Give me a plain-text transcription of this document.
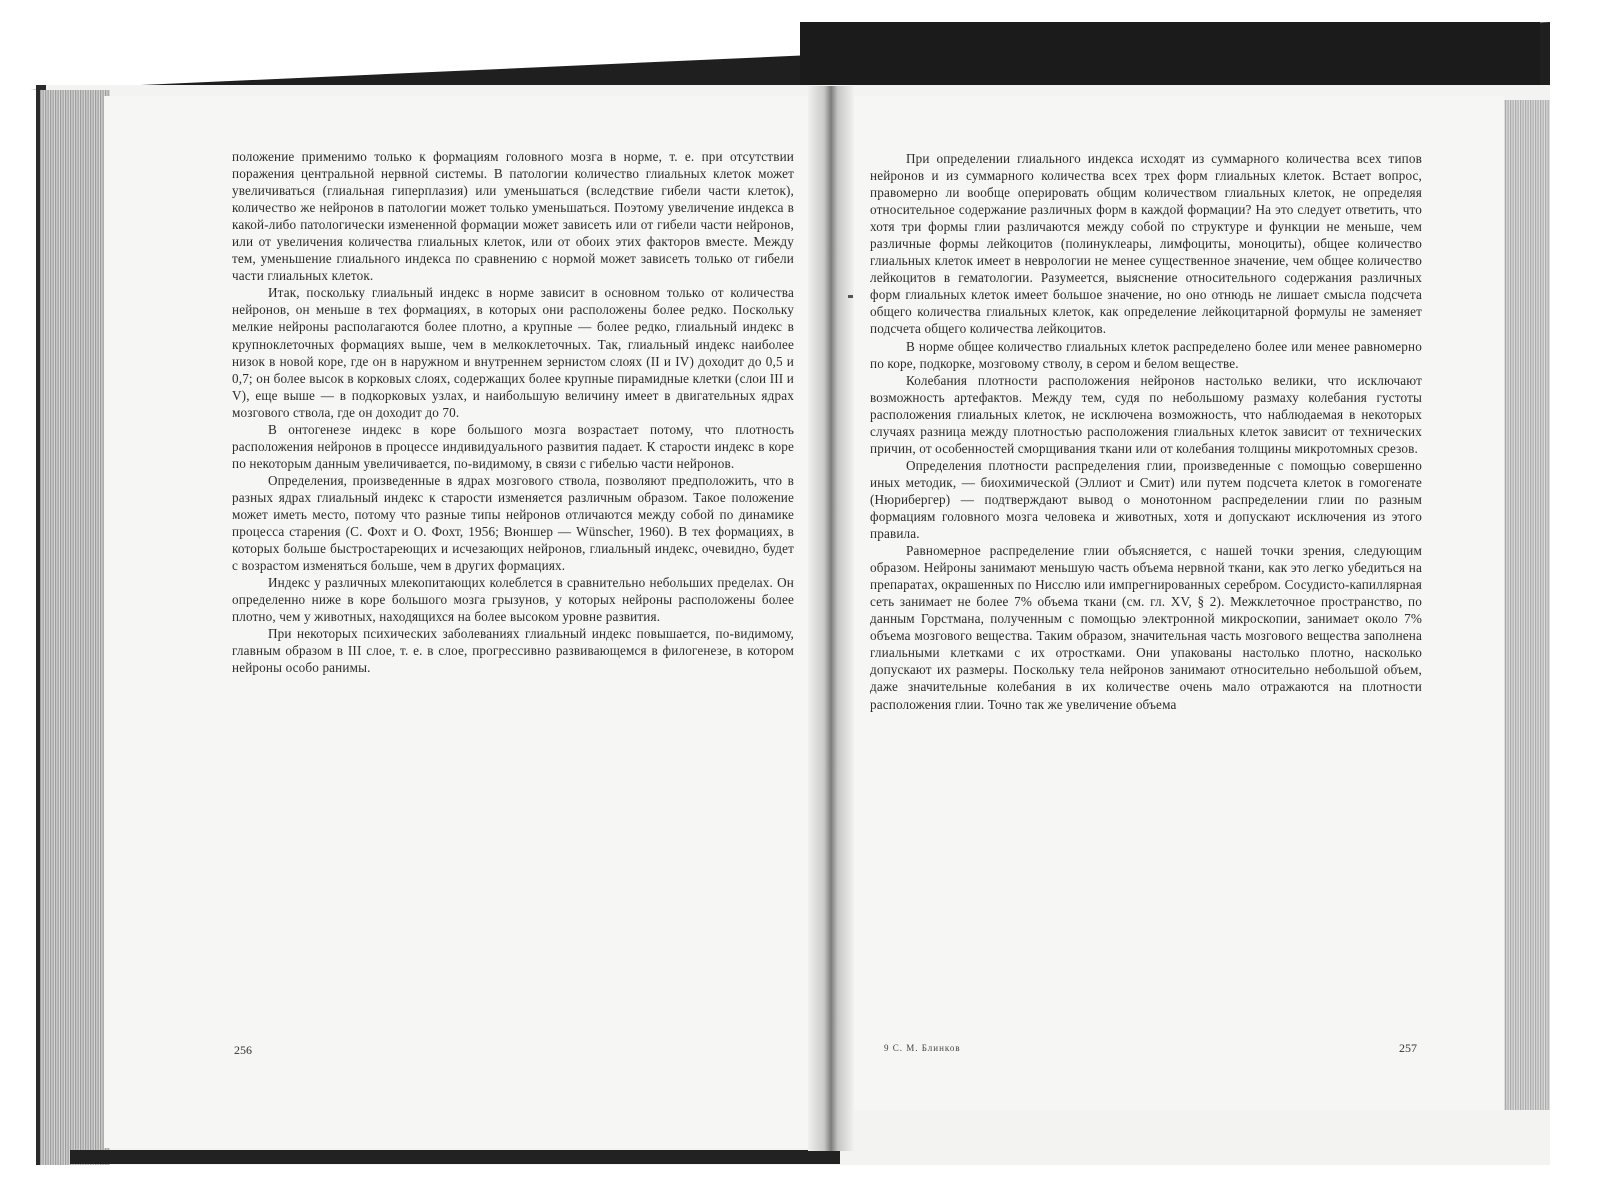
положение применимо только к формациям головного мозга в норме, т. е. при отсутствии поражения центральной нервной системы. В патологии количество глиальных клеток может увеличиваться (глиальная гиперплазия) или уменьшаться (вследствие гибели части клеток), количество же нейронов в патологии может только уменьшаться. Поэтому увеличение индекса в какой-либо патологически измененной формации может зависеть или от гибели части нейронов, или от увеличения количества глиальных клеток, или от обоих этих факторов вместе. Между тем, уменьшение глиального индекса по сравнению с нормой может зависеть только от гибели части глиальных клеток.

Итак, поскольку глиальный индекс в норме зависит в основном только от количества нейронов, он меньше в тех формациях, в которых они расположены более редко. Поскольку мелкие нейроны располагаются более плотно, а крупные — более редко, глиальный индекс в крупноклеточных формациях выше, чем в мелкоклеточных. Так, глиальный индекс наиболее низок в новой коре, где он в наружном и внутреннем зернистом слоях (II и IV) доходит до 0,5 и 0,7; он более высок в корковых слоях, содержащих более крупные пирамидные клетки (слои III и V), еще выше — в подкорковых узлах, и наибольшую величину имеет в двигательных ядрах мозгового ствола, где он доходит до 70.

В онтогенезе индекс в коре большого мозга возрастает потому, что плотность расположения нейронов в процессе индивидуального развития падает. К старости индекс в коре по некоторым данным увеличивается, по-видимому, в связи с гибелью части нейронов.

Определения, произведенные в ядрах мозгового ствола, позволяют предположить, что в разных ядрах глиальный индекс к старости изменяется различным образом. Такое положение может иметь место, потому что разные типы нейронов отличаются между собой по динамике процесса старения (С. Фохт и О. Фохт, 1956; Вюншер — Wünscher, 1960). В тех формациях, в которых больше быстростареющих и исчезающих нейронов, глиальный индекс, очевидно, будет с возрастом изменяться больше, чем в других формациях.

Индекс у различных млекопитающих колеблется в сравнительно небольших пределах. Он определенно ниже в коре большого мозга грызунов, у которых нейроны расположены более плотно, чем у животных, находящихся на более высоком уровне развития.

При некоторых психических заболеваниях глиальный индекс повышается, по-видимому, главным образом в III слое, т. е. в слое, прогрессивно развивающемся в филогенезе, в котором нейроны особо ранимы.

При определении глиального индекса исходят из суммарного количества всех типов нейронов и из суммарного количества всех трех форм глиальных клеток. Встает вопрос, правомерно ли вообще оперировать общим количеством глиальных клеток, не определяя относительное содержание различных форм в каждой формации? На это следует ответить, что хотя три формы глии различаются между собой по структуре и функции не меньше, чем различные формы лейкоцитов (полинуклеары, лимфоциты, моноциты), общее количество глиальных клеток имеет в неврологии не менее существенное значение, чем общее количество лейкоцитов в гематологии. Разумеется, выяснение относительного содержания различных форм глиальных клеток имеет большое значение, но оно отнюдь не лишает смысла подсчета общего количества глиальных клеток, как определение лейкоцитарной формулы не заменяет подсчета общего количества лейкоцитов.

В норме общее количество глиальных клеток распределено более или менее равномерно по коре, подкорке, мозговому стволу, в сером и белом веществе.

Колебания плотности расположения нейронов настолько велики, что исключают возможность артефактов. Между тем, судя по небольшому размаху колебания густоты расположения глиальных клеток, не исключена возможность, что наблюдаемая в некоторых случаях разница между плотностью расположения глиальных клеток зависит от технических причин, от особенностей сморщивания ткани или от колебания толщины микротомных срезов.

Определения плотности распределения глии, произведенные с помощью совершенно иных методик, — биохимической (Эллиот и Смит) или путем подсчета клеток в гомогенате (Нюрибергер) — подтверждают вывод о монотонном распределении глии по разным формациям головного мозга человека и животных, хотя и допускают исключения из этого правила.

Равномерное распределение глии объясняется, с нашей точки зрения, следующим образом. Нейроны занимают меньшую часть объема нервной ткани, как это легко убедиться на препаратах, окрашенных по Нисслю или импрегнированных серебром. Сосудисто-капиллярная сеть занимает не более 7% объема ткани (см. гл. XV, § 2). Межклеточное пространство, по данным Горстмана, полученным с помощью электронной микроскопии, занимает около 7% объема мозгового вещества. Таким образом, значительная часть мозгового вещества заполнена глиальными клетками с их отростками. Они упакованы настолько плотно, насколько допускают их размеры. Поскольку тела нейронов занимают относительно небольшой объем, даже значительные колебания в их количестве очень мало отражаются на плотности расположения глии. Точно так же увеличение объема

256	9 С. М. Блинков	257
